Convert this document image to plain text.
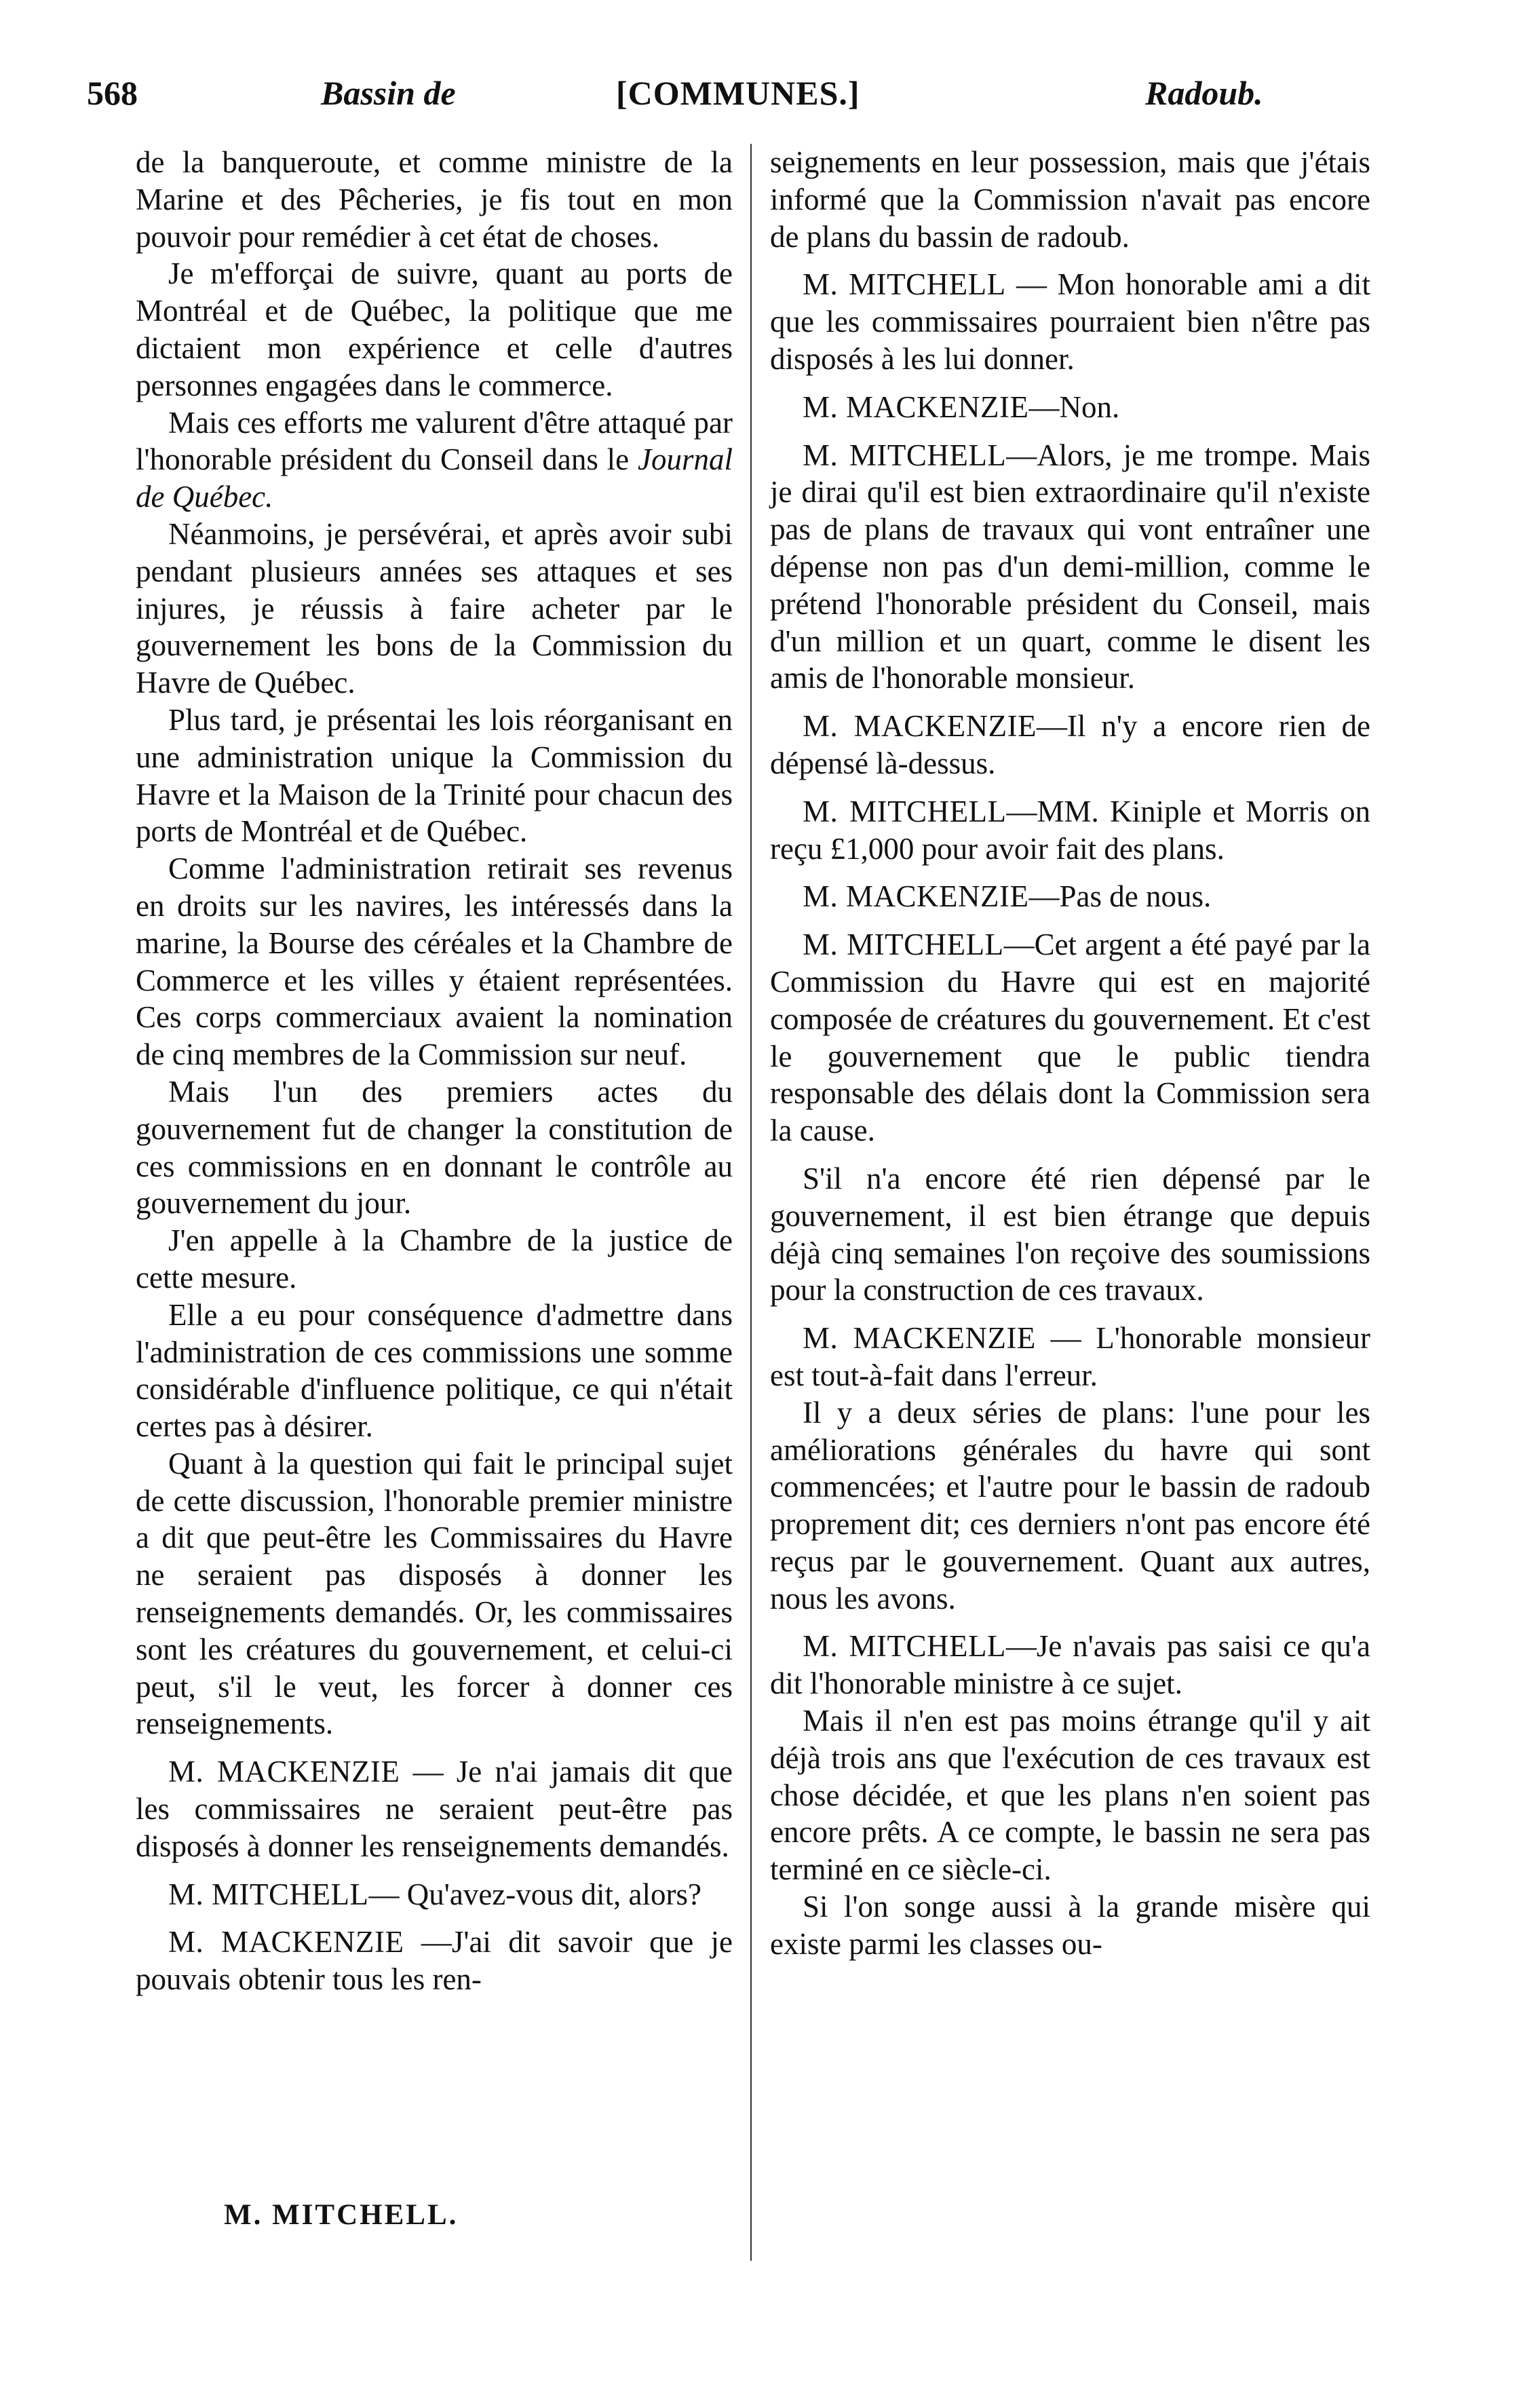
568	Bassin de	[COMMUNES.]	Radoub.

de la banqueroute, et comme ministre de la Marine et des Pêcheries, je fis tout en mon pouvoir pour remédier à cet état de choses.

Je m'efforçai de suivre, quant au ports de Montréal et de Québec, la politique que me dictaient mon expérience et celle d'autres personnes engagées dans le commerce.

Mais ces efforts me valurent d'être attaqué par l'honorable président du Conseil dans le Journal de Québec.

Néanmoins, je persévérai, et après avoir subi pendant plusieurs années ses attaques et ses injures, je réussis à faire acheter par le gouvernement les bons de la Commission du Havre de Québec.

Plus tard, je présentai les lois réorganisant en une administration unique la Commission du Havre et la Maison de la Trinité pour chacun des ports de Montréal et de Québec.

Comme l'administration retirait ses revenus en droits sur les navires, les intéressés dans la marine, la Bourse des céréales et la Chambre de Commerce et les villes y étaient représentées. Ces corps commerciaux avaient la nomination de cinq membres de la Commission sur neuf.

Mais l'un des premiers actes du gouvernement fut de changer la constitution de ces commissions en en donnant le contrôle au gouvernement du jour.

J'en appelle à la Chambre de la justice de cette mesure.

Elle a eu pour conséquence d'admettre dans l'administration de ces commissions une somme considérable d'influence politique, ce qui n'était certes pas à désirer.

Quant à la question qui fait le principal sujet de cette discussion, l'honorable premier ministre a dit que peut-être les Commissaires du Havre ne seraient pas disposés à donner les renseignements demandés. Or, les commissaires sont les créatures du gouvernement, et celui-ci peut, s'il le veut, les forcer à donner ces renseignements.

M. MACKENZIE — Je n'ai jamais dit que les commissaires ne seraient peut-être pas disposés à donner les renseignements demandés.

M. MITCHELL— Qu'avez-vous dit, alors?

M. MACKENZIE —J'ai dit savoir que je pouvais obtenir tous les ren-

seignements en leur possession, mais que j'étais informé que la Commission n'avait pas encore de plans du bassin de radoub.

M. MITCHELL — Mon honorable ami a dit que les commissaires pourraient bien n'être pas disposés à les lui donner.

M. MACKENZIE—Non.

M. MITCHELL—Alors, je me trompe. Mais je dirai qu'il est bien extraordinaire qu'il n'existe pas de plans de travaux qui vont entraîner une dépense non pas d'un demi-million, comme le prétend l'honorable président du Conseil, mais d'un million et un quart, comme le disent les amis de l'honorable monsieur.

M. MACKENZIE—Il n'y a encore rien de dépensé là-dessus.

M. MITCHELL—MM. Kiniple et Morris on reçu £1,000 pour avoir fait des plans.

M. MACKENZIE—Pas de nous.

M. MITCHELL—Cet argent a été payé par la Commission du Havre qui est en majorité composée de créatures du gouvernement. Et c'est le gouvernement que le public tiendra responsable des délais dont la Commission sera la cause.

S'il n'a encore été rien dépensé par le gouvernement, il est bien étrange que depuis déjà cinq semaines l'on reçoive des soumissions pour la construction de ces travaux.

M. MACKENZIE — L'honorable monsieur est tout-à-fait dans l'erreur.

Il y a deux séries de plans: l'une pour les améliorations générales du havre qui sont commencées; et l'autre pour le bassin de radoub proprement dit; ces derniers n'ont pas encore été reçus par le gouvernement. Quant aux autres, nous les avons.

M. MITCHELL—Je n'avais pas saisi ce qu'a dit l'honorable ministre à ce sujet.

Mais il n'en est pas moins étrange qu'il y ait déjà trois ans que l'exécution de ces travaux est chose décidée, et que les plans n'en soient pas encore prêts. A ce compte, le bassin ne sera pas terminé en ce siècle-ci.

Si l'on songe aussi à la grande misère qui existe parmi les classes ou-

M. MITCHELL.
